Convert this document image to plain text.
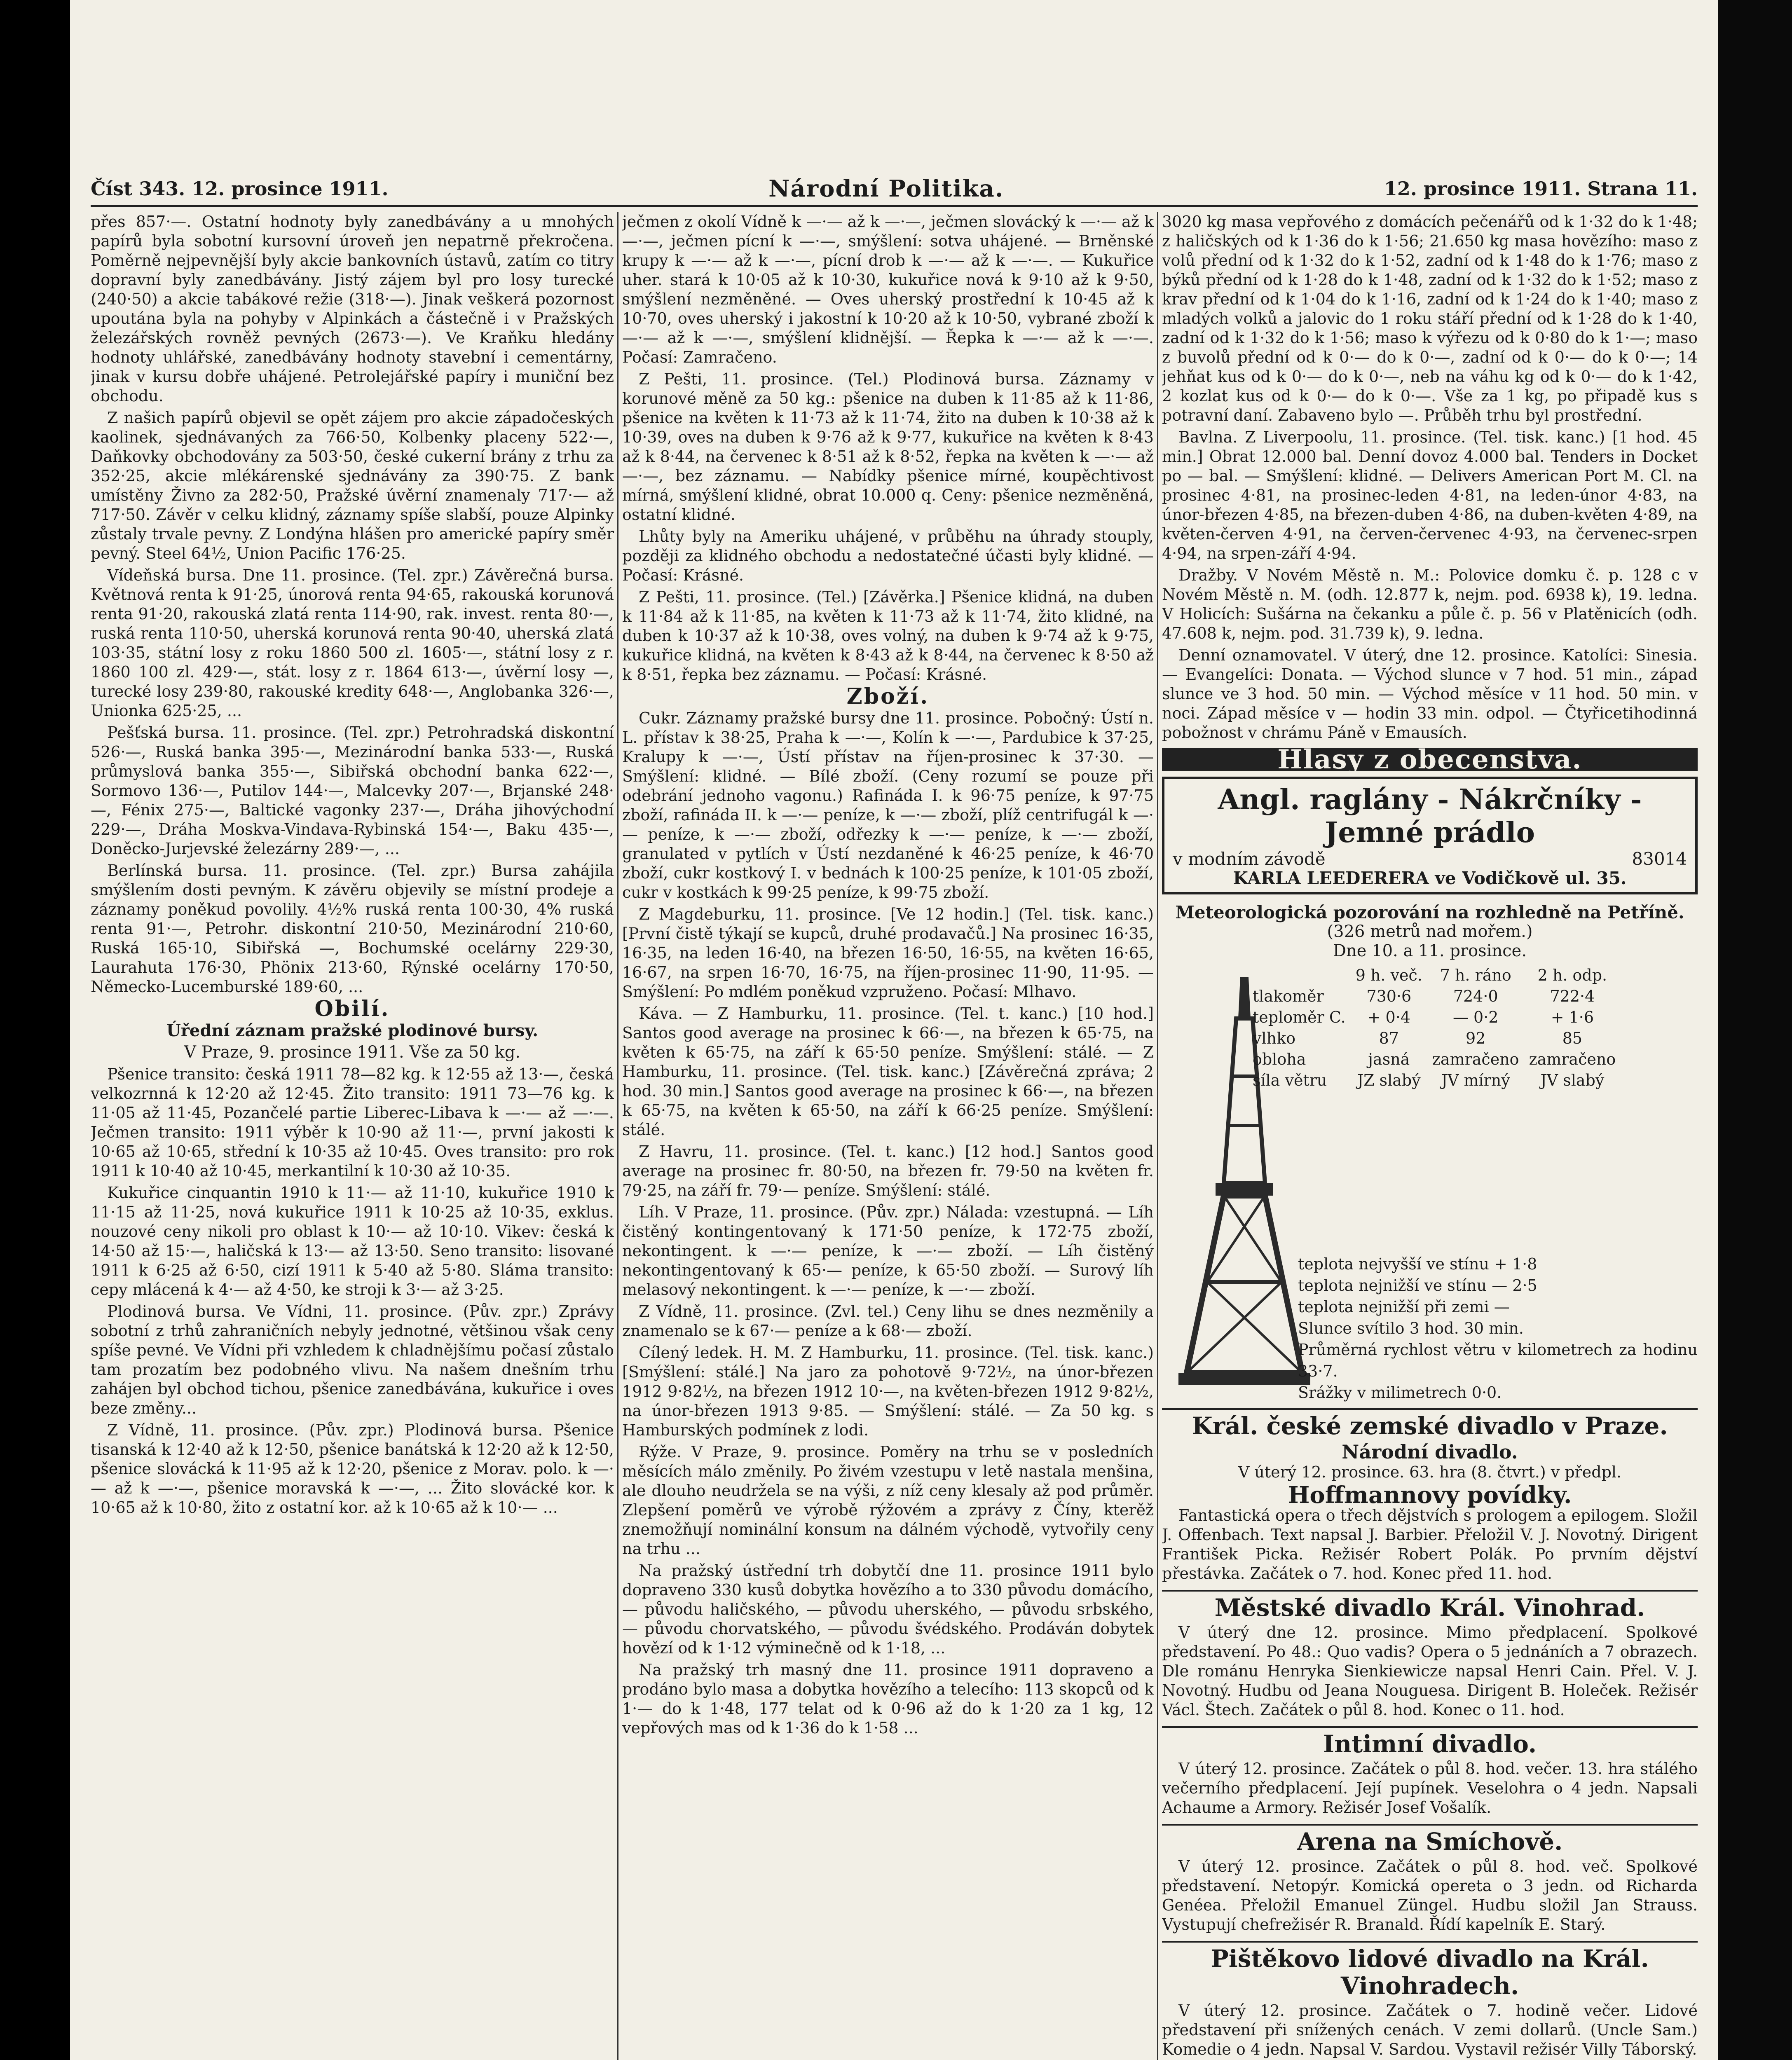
Číst 343. 12. prosince 1911.	Národní Politika.	12. prosince 1911. Strana 11.

přes 857·—. Ostatní hodnoty byly zanedbávány a u mnohých papírů byla sobotní kursovní úroveň jen nepatrně překročena. Poměrně nejpevnější byly akcie bankovních ústavů, zatím co titry dopravní byly zanedbávány. Jistý zájem byl pro losy turecké (240·50) a akcie tabákové režie (318·—). Jinak veškerá pozornost upoutána byla na pohyby v Alpinkách a částečně i v Pražských železářských rovněž pevných (2673·—). Ve Kraňku hledány hodnoty uhlářské, zanedbávány hodnoty stavební i cementárny, jinak v kursu dobře uhájené. Petrolejářské papíry i muniční bez obchodu.

Z našich papírů objevil se opět zájem pro akcie západočeských kaolinek, sjednávaných za 766·50, Kolbenky placeny 522·—, Daňkovky obchodovány za 503·50, české cukerní brány z trhu za 352·25, akcie mlékárenské sjednávány za 390·75. Z bank umístěny Živno za 282·50, Pražské úvěrní znamenaly 717·— až 717·50. Závěr v celku klidný, záznamy spíše slabší, pouze Alpinky zůstaly trvale pevny. Z Londýna hlášen pro americké papíry směr pevný. Steel 64½, Union Pacific 176·25.

Vídeňská bursa. Dne 11. prosince. (Tel. zpr.) Závěrečná bursa. Květnová renta k 91·25, únorová renta 94·65, rakouská korunová renta 91·20, rakouská zlatá renta 114·90, rak. invest. renta 80·—, ruská renta 110·50, uherská korunová renta 90·40, uherská zlatá 103·35, státní losy z roku 1860 500 zl. 1605·—, státní losy z r. 1860 100 zl. 429·—, stát. losy z r. 1864 613·—, úvěrní losy —, turecké losy 239·80, rakouské kredity 648·—, Anglobanka 326·—, Unionka 625·25, ...

Pešťská bursa. 11. prosince. (Tel. zpr.) Petrohradská diskontní 526·—, Ruská banka 395·—, Mezinárodní banka 533·—, Ruská průmyslová banka 355·—, Sibiřská obchodní banka 622·—, Sormovo 136·—, Putilov 144·—, Malcevky 207·—, Brjanské 248·—, Fénix 275·—, Baltické vagonky 237·—, Dráha jihovýchodní 229·—, Dráha Moskva-Vindava-Rybinská 154·—, Baku 435·—, Doněcko-Jurjevské železárny 289·—, ...

Berlínská bursa. 11. prosince. (Tel. zpr.) Bursa zahájila smýšlením dosti pevným. K závěru objevily se místní prodeje a záznamy poněkud povolily. 4½% ruská renta 100·30, 4% ruská renta 91·—, Petrohr. diskontní 210·50, Mezinárodní 210·60, Ruská 165·10, Sibiřská —, Bochumské ocelárny 229·30, Laurahuta 176·30, Phönix 213·60, Rýnské ocelárny 170·50, Německo-Lucemburské 189·60, ...

Obilí.

Úřední záznam pražské plodinové bursy.

V Praze, 9. prosince 1911. Vše za 50 kg.

Pšenice transito: česká 1911 78—82 kg. k 12·55 až 13·—, česká velkozrnná k 12·20 až 12·45. Žito transito: 1911 73—76 kg. k 11·05 až 11·45, Pozančelé partie Liberec-Libava k —·— až —·—. Ječmen transito: 1911 výběr k 10·90 až 11·—, první jakosti k 10·65 až 10·65, střední k 10·35 až 10·45. Oves transito: pro rok 1911 k 10·40 až 10·45, merkantilní k 10·30 až 10·35.

Kukuřice cinquantin 1910 k 11·— až 11·10, kukuřice 1910 k 11·15 až 11·25, nová kukuřice 1911 k 10·25 až 10·35, exklus. nouzové ceny nikoli pro oblast k 10·— až 10·10. Vikev: česká k 14·50 až 15·—, haličská k 13·— až 13·50. Seno transito: lisované 1911 k 6·25 až 6·50, cizí 1911 k 5·40 až 5·80. Sláma transito: cepy mlácená k 4·— až 4·50, ke stroji k 3·— až 3·25.

Plodinová bursa. Ve Vídni, 11. prosince. (Pův. zpr.) Zprávy sobotní z trhů zahraničních nebyly jednotné, většinou však ceny spíše pevné. Ve Vídni při vzhledem k chladnějšímu počasí zůstalo tam prozatím bez podobného vlivu. Na našem dnešním trhu zahájen byl obchod tichou, pšenice zanedbávána, kukuřice i oves beze změny...

Z Vídně, 11. prosince. (Pův. zpr.) Plodinová bursa. Pšenice tisanská k 12·40 až k 12·50, pšenice banátská k 12·20 až k 12·50, pšenice slovácká k 11·95 až k 12·20, pšenice z Morav. polo. k —·— až k —·—, pšenice moravská k —·—, ... Žito slovácké kor. k 10·65 až k 10·80, žito z ostatní kor. až k 10·65 až k 10·— ...

ječmen z okolí Vídně k —·— až k —·—, ječmen slovácký k —·— až k —·—, ječmen pícní k —·—, smýšlení: sotva uhájené. — Brněnské krupy k —·— až k —·—, pícní drob k —·— až k —·—. — Kukuřice uher. stará k 10·05 až k 10·30, kukuřice nová k 9·10 až k 9·50, smýšlení nezměněné. — Oves uherský prostřední k 10·45 až k 10·70, oves uherský i jakostní k 10·20 až k 10·50, vybrané zboží k —·— až k —·—, smýšlení klidnější. — Řepka k —·— až k —·—. Počasí: Zamračeno.

Z Pešti, 11. prosince. (Tel.) Plodinová bursa. Záznamy v korunové měně za 50 kg.: pšenice na duben k 11·85 až k 11·86, pšenice na květen k 11·73 až k 11·74, žito na duben k 10·38 až k 10·39, oves na duben k 9·76 až k 9·77, kukuřice na květen k 8·43 až k 8·44, na červenec k 8·51 až k 8·52, řepka na květen k —·— až —·—, bez záznamu. — Nabídky pšenice mírné, koupěchtivost mírná, smýšlení klidné, obrat 10.000 q. Ceny: pšenice nezměněná, ostatní klidné.

Lhůty byly na Ameriku uhájené, v průběhu na úhrady stouply, později za klidného obchodu a nedostatečné účasti byly klidné. — Počasí: Krásné.

Z Pešti, 11. prosince. (Tel.) [Závěrka.] Pšenice klidná, na duben k 11·84 až k 11·85, na květen k 11·73 až k 11·74, žito klidné, na duben k 10·37 až k 10·38, oves volný, na duben k 9·74 až k 9·75, kukuřice klidná, na květen k 8·43 až k 8·44, na červenec k 8·50 až k 8·51, řepka bez záznamu. — Počasí: Krásné.

Zboží.

Cukr. Záznamy pražské bursy dne 11. prosince. Pobočný: Ústí n. L. přístav k 38·25, Praha k —·—, Kolín k —·—, Pardubice k 37·25, Kralupy k —·—, Ústí přístav na říjen-prosinec k 37·30. — Smýšlení: klidné. — Bílé zboží. (Ceny rozumí se pouze při odebrání jednoho vagonu.) Rafináda I. k 96·75 peníze, k 97·75 zboží, rafináda II. k —·— peníze, k —·— zboží, plíž centrifugál k —·— peníze, k —·— zboží, odřezky k —·— peníze, k —·— zboží, granulated v pytlích v Ústí nezdaněné k 46·25 peníze, k 46·70 zboží, cukr kostkový I. v bednách k 100·25 peníze, k 101·05 zboží, cukr v kostkách k 99·25 peníze, k 99·75 zboží.

Z Magdeburku, 11. prosince. [Ve 12 hodin.] (Tel. tisk. kanc.) [První čistě týkají se kupců, druhé prodavačů.] Na prosinec 16·35, 16·35, na leden 16·40, na březen 16·50, 16·55, na květen 16·65, 16·67, na srpen 16·70, 16·75, na říjen-prosinec 11·90, 11·95. — Smýšlení: Po mdlém poněkud vzpruženo. Počasí: Mlhavo.

Káva. — Z Hamburku, 11. prosince. (Tel. t. kanc.) [10 hod.] Santos good average na prosinec k 66·—, na březen k 65·75, na květen k 65·75, na září k 65·50 peníze. Smýšlení: stálé. — Z Hamburku, 11. prosince. (Tel. tisk. kanc.) [Závěrečná zpráva; 2 hod. 30 min.] Santos good average na prosinec k 66·—, na březen k 65·75, na květen k 65·50, na září k 66·25 peníze. Smýšlení: stálé.

Z Havru, 11. prosince. (Tel. t. kanc.) [12 hod.] Santos good average na prosinec fr. 80·50, na březen fr. 79·50 na květen fr. 79·25, na září fr. 79·— peníze. Smýšlení: stálé.

Líh. V Praze, 11. prosince. (Pův. zpr.) Nálada: vzestupná. — Líh čistěný kontingentovaný k 171·50 peníze, k 172·75 zboží, nekontingent. k —·— peníze, k —·— zboží. — Líh čistěný nekontingentovaný k 65·— peníze, k 65·50 zboží. — Surový líh melasový nekontingent. k —·— peníze, k —·— zboží.

Z Vídně, 11. prosince. (Zvl. tel.) Ceny lihu se dnes nezměnily a znamenalo se k 67·— peníze a k 68·— zboží.

Cílený ledek. H. M. Z Hamburku, 11. prosince. (Tel. tisk. kanc.) [Smýšlení: stálé.] Na jaro za pohotově 9·72½, na únor-březen 1912 9·82½, na březen 1912 10·—, na květen-březen 1912 9·82½, na únor-březen 1913 9·85. — Smýšlení: stálé. — Za 50 kg. s Hamburských podmínek z lodi.

Rýže. V Praze, 9. prosince. Poměry na trhu se v posledních měsících málo změnily. Po živém vzestupu v letě nastala menšina, ale dlouho neudržela se na výši, z níž ceny klesaly až pod průměr. Zlepšení poměrů ve výrobě rýžovém a zprávy z Číny, kterěž znemožňují nominální konsum na dálném východě, vytvořily ceny na trhu ...

Na pražský ústřední trh dobytčí dne 11. prosince 1911 bylo dopraveno 330 kusů dobytka hovězího a to 330 původu domácího, — původu haličského, — původu uherského, — původu srbského, — původu chorvatského, — původu švédského. Prodáván dobytek hovězí od k 1·12 výminečně od k 1·18, ...

Na pražský trh masný dne 11. prosince 1911 dopraveno a prodáno bylo masa a dobytka hovězího a telecího: 113 skopců od k 1·— do k 1·48, 177 telat od k 0·96 až do k 1·20 za 1 kg, 12 vepřových mas od k 1·36 do k 1·58 ...

3020 kg masa vepřového z domácích pečenářů od k 1·32 do k 1·48; z haličských od k 1·36 do k 1·56; 21.650 kg masa hovězího: maso z volů přední od k 1·32 do k 1·52, zadní od k 1·48 do k 1·76; maso z býků přední od k 1·28 do k 1·48, zadní od k 1·32 do k 1·52; maso z krav přední od k 1·04 do k 1·16, zadní od k 1·24 do k 1·40; maso z mladých volků a jalovic do 1 roku stáří přední od k 1·28 do k 1·40, zadní od k 1·32 do k 1·56; maso k výřezu od k 0·80 do k 1·—; maso z buvolů přední od k 0·— do k 0·—, zadní od k 0·— do k 0·—; 14 jehňat kus od k 0·— do k 0·—, neb na váhu kg od k 0·— do k 1·42, 2 kozlat kus od k 0·— do k 0·—. Vše za 1 kg, po připadě kus s potravní daní. Zabaveno bylo —. Průběh trhu byl prostřední.

Bavlna. Z Liverpoolu, 11. prosince. (Tel. tisk. kanc.) [1 hod. 45 min.] Obrat 12.000 bal. Denní dovoz 4.000 bal. Tenders in Docket po — bal. — Smýšlení: klidné. — Delivers American Port M. Cl. na prosinec 4·81, na prosinec-leden 4·81, na leden-únor 4·83, na únor-březen 4·85, na březen-duben 4·86, na duben-květen 4·89, na květen-červen 4·91, na červen-červenec 4·93, na červenec-srpen 4·94, na srpen-září 4·94.

Dražby. V Novém Městě n. M.: Polovice domku č. p. 128 c v Novém Městě n. M. (odh. 12.877 k, nejm. pod. 6938 k), 19. ledna. V Holicích: Sušárna na čekanku a půle č. p. 56 v Platěnicích (odh. 47.608 k, nejm. pod. 31.739 k), 9. ledna.

Denní oznamovatel. V úterý, dne 12. prosince. Katolíci: Sinesia. — Evangelíci: Donata. — Východ slunce v 7 hod. 51 min., západ slunce ve 3 hod. 50 min. — Východ měsíce v 11 hod. 50 min. v noci. Západ měsíce v — hodin 33 min. odpol. — Čtyřicetihodinná pobožnost v chrámu Páně v Emausích.

Hlasy z obecenstva.
Angl. raglány - Nákrčníky - Jemné prádlo
v modním závodě	83014
KARLA LEEDERERA ve Vodičkově ul. 35.
Meteorologická pozorování na rozhledně na Petříně.
(326 metrů nad mořem.)
Dne 10. a 11. prosince.
	9 h. več.	7 h. ráno	2 h. odp.
tlakoměr	730·6	724·0	722·4
teploměr C.	+ 0·4	— 0·2	+ 1·6
vlhko	87	92	85
obloha	jasná	zamračeno	zamračeno
síla větru	JZ slabý	JV mírný	JV slabý
teplota nejvyšší ve stínu + 1·8
teplota nejnižší ve stínu — 2·5
teplota nejnižší při zemi —
Slunce svítilo 3 hod. 30 min.
Průměrná rychlost větru v kilometrech za hodinu 33·7.
Srážky v milimetrech 0·0.
Král. české zemské divadlo v Praze.
Národní divadlo.

V úterý 12. prosince. 63. hra (8. čtvrt.) v předpl.

Hoffmannovy povídky.

Fantastická opera o třech dějstvích s prologem a epilogem. Složil J. Offenbach. Text napsal J. Barbier. Přeložil V. J. Novotný. Dirigent František Picka. Režisér Robert Polák. Po prvním dějství přestávka. Začátek o 7. hod. Konec před 11. hod.

Městské divadlo Král. Vinohrad.

V úterý dne 12. prosince. Mimo předplacení. Spolkové představení. Po 48.: Quo vadis? Opera o 5 jednáních a 7 obrazech. Dle románu Henryka Sienkiewicze napsal Henri Cain. Přel. V. J. Novotný. Hudbu od Jeana Nouguesa. Dirigent B. Holeček. Režisér Václ. Štech. Začátek o půl 8. hod. Konec o 11. hod.

Intimní divadlo.

V úterý 12. prosince. Začátek o půl 8. hod. večer. 13. hra stálého večerního předplacení. Její pupínek. Veselohra o 4 jedn. Napsali Achaume a Armory. Režisér Josef Vošalík.

Arena na Smíchově.

V úterý 12. prosince. Začátek o půl 8. hod. več. Spolkové představení. Netopýr. Komická opereta o 3 jedn. od Richarda Genéea. Přeložil Emanuel Züngel. Hudbu složil Jan Strauss. Vystupují chefrežisér R. Branald. Řídí kapelník E. Starý.

Pištěkovo lidové divadlo na Král. Vinohradech.

V úterý 12. prosince. Začátek o 7. hodině večer. Lidové představení při snížených cenách. V zemi dollarů. (Uncle Sam.) Komedie o 4 jedn. Napsal V. Sardou. Vystavil režisér Villy Táborský.
